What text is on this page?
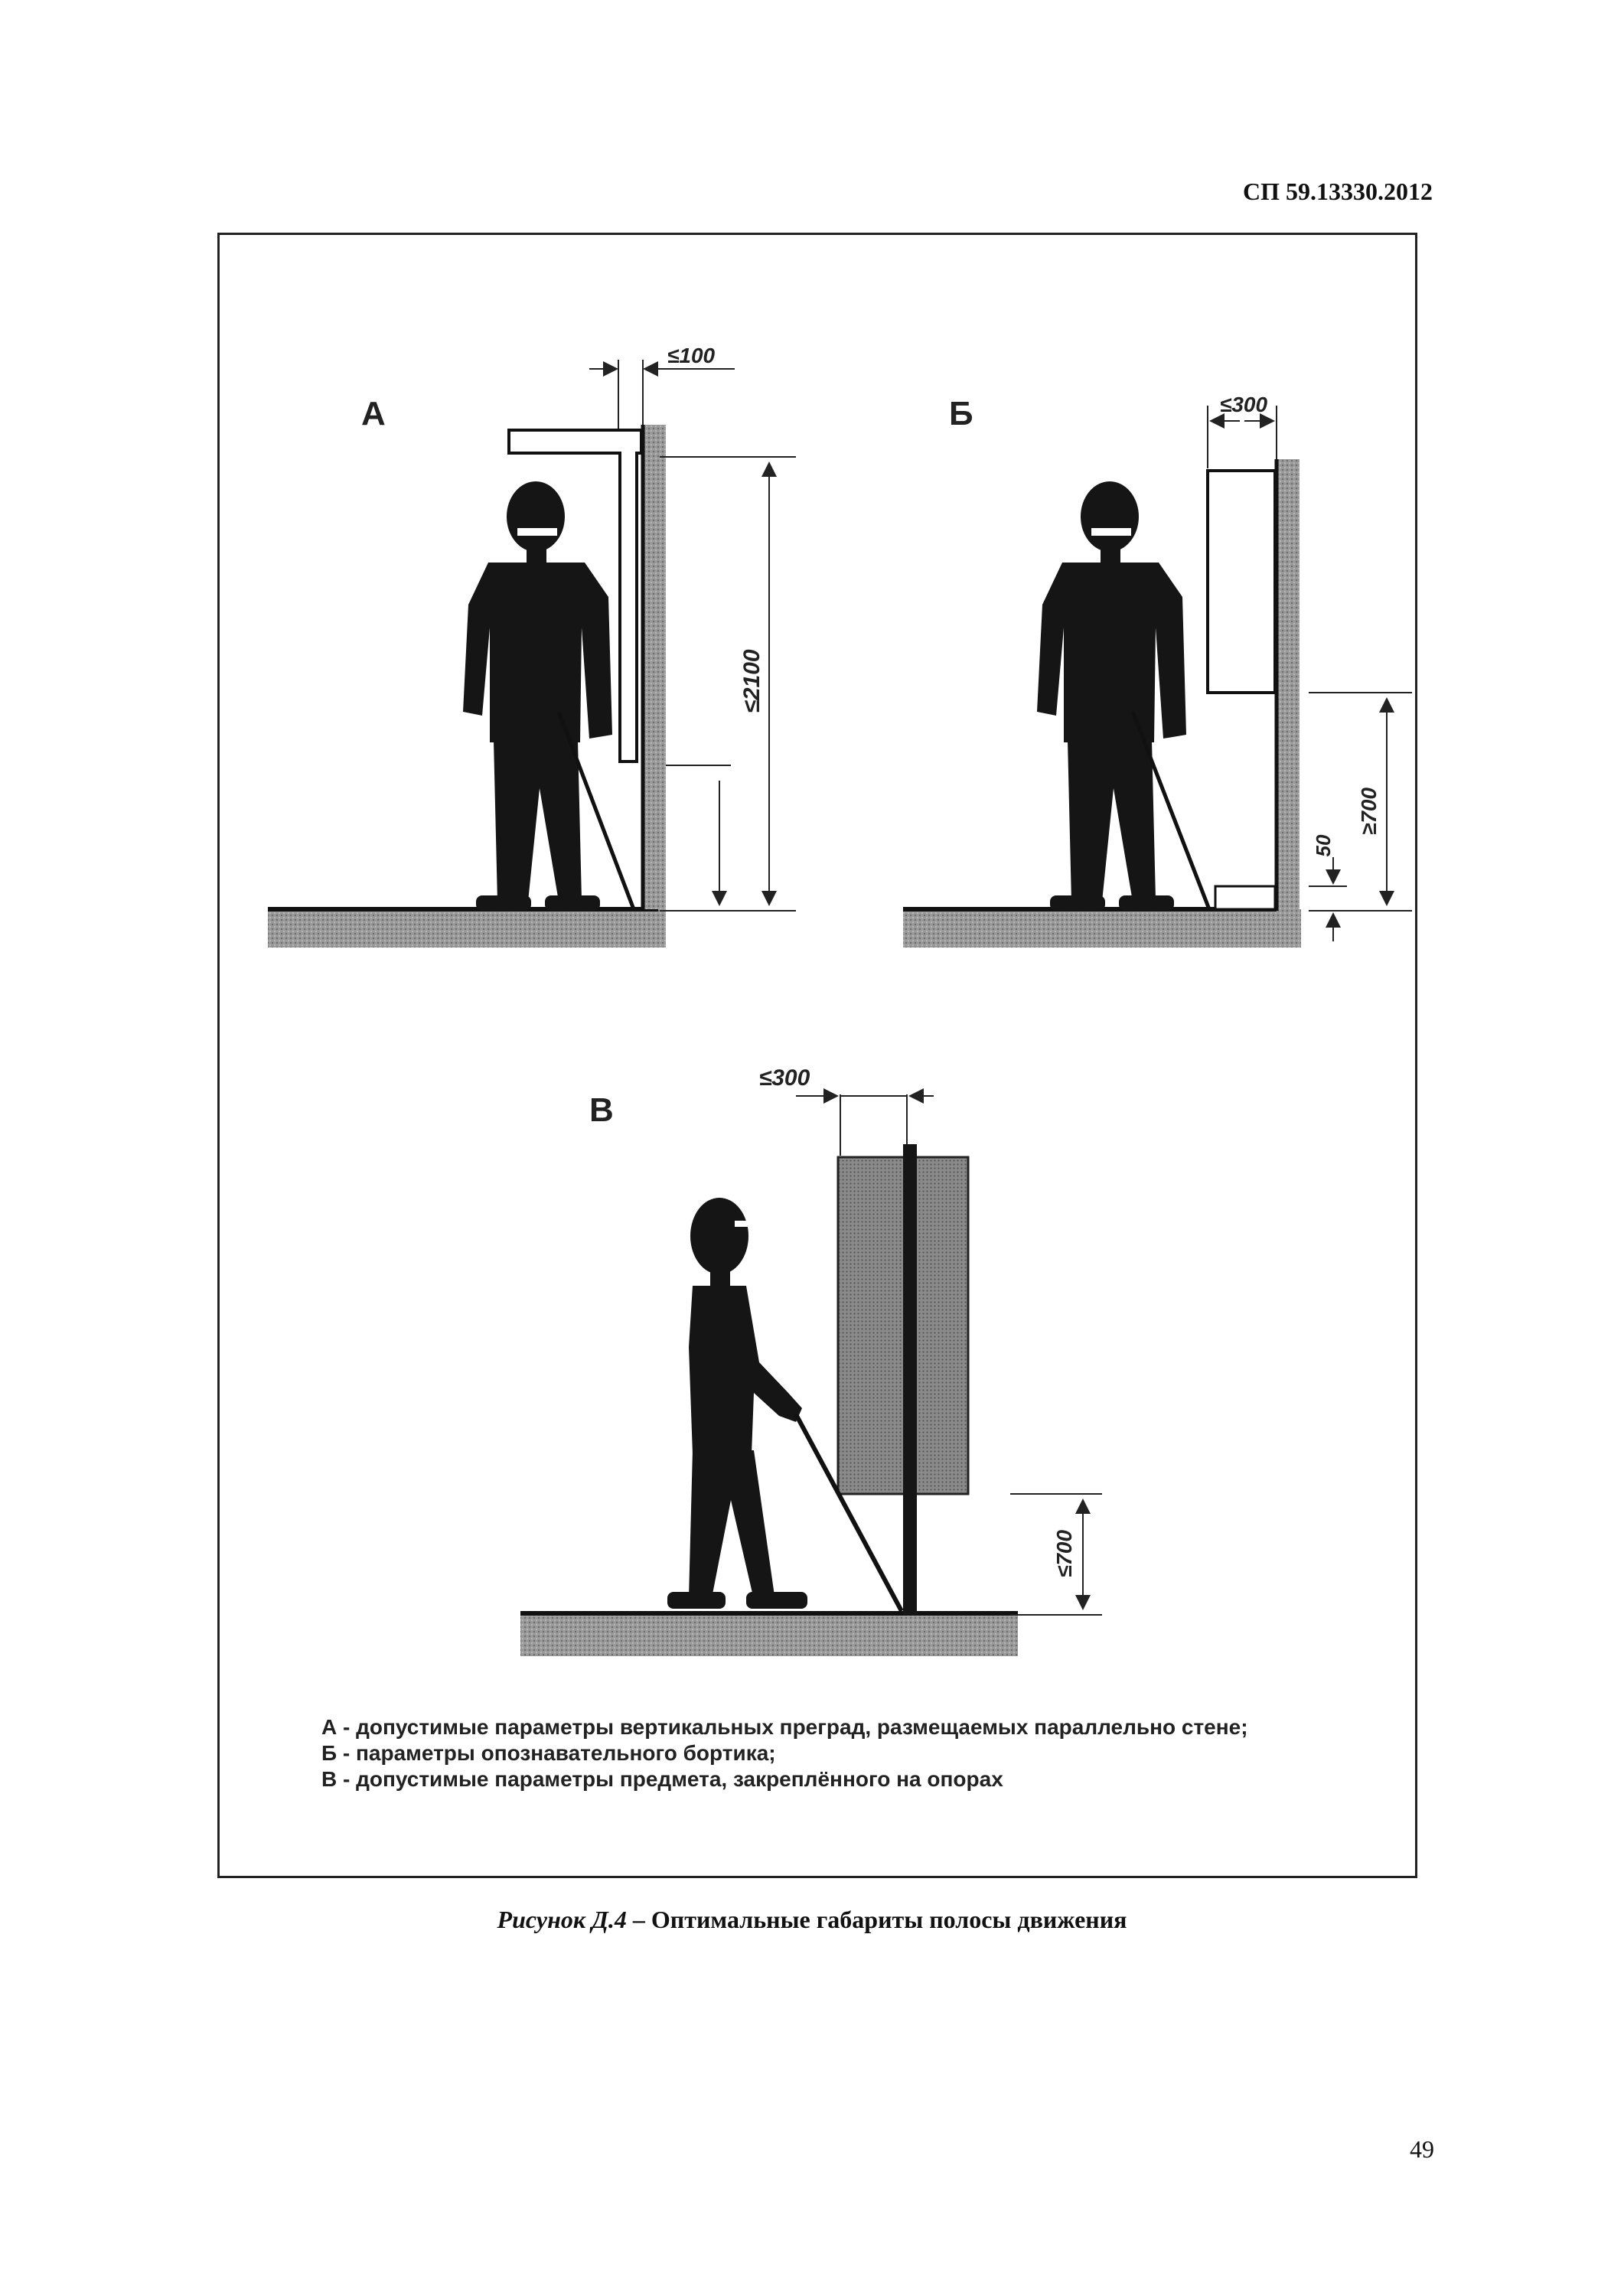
СП 59.13330.2012
А
≤100
≤2100
Б	≤300
50
≥700
В
≤300
≤700
А - допустимые параметры вертикальных преград, размещаемых параллельно стене;
Б - параметры опознавательного бортика;
В - допустимые параметры предмета, закреплённого на опорах
Рисунок Д.4 – Оптимальные габариты полосы движения
49
